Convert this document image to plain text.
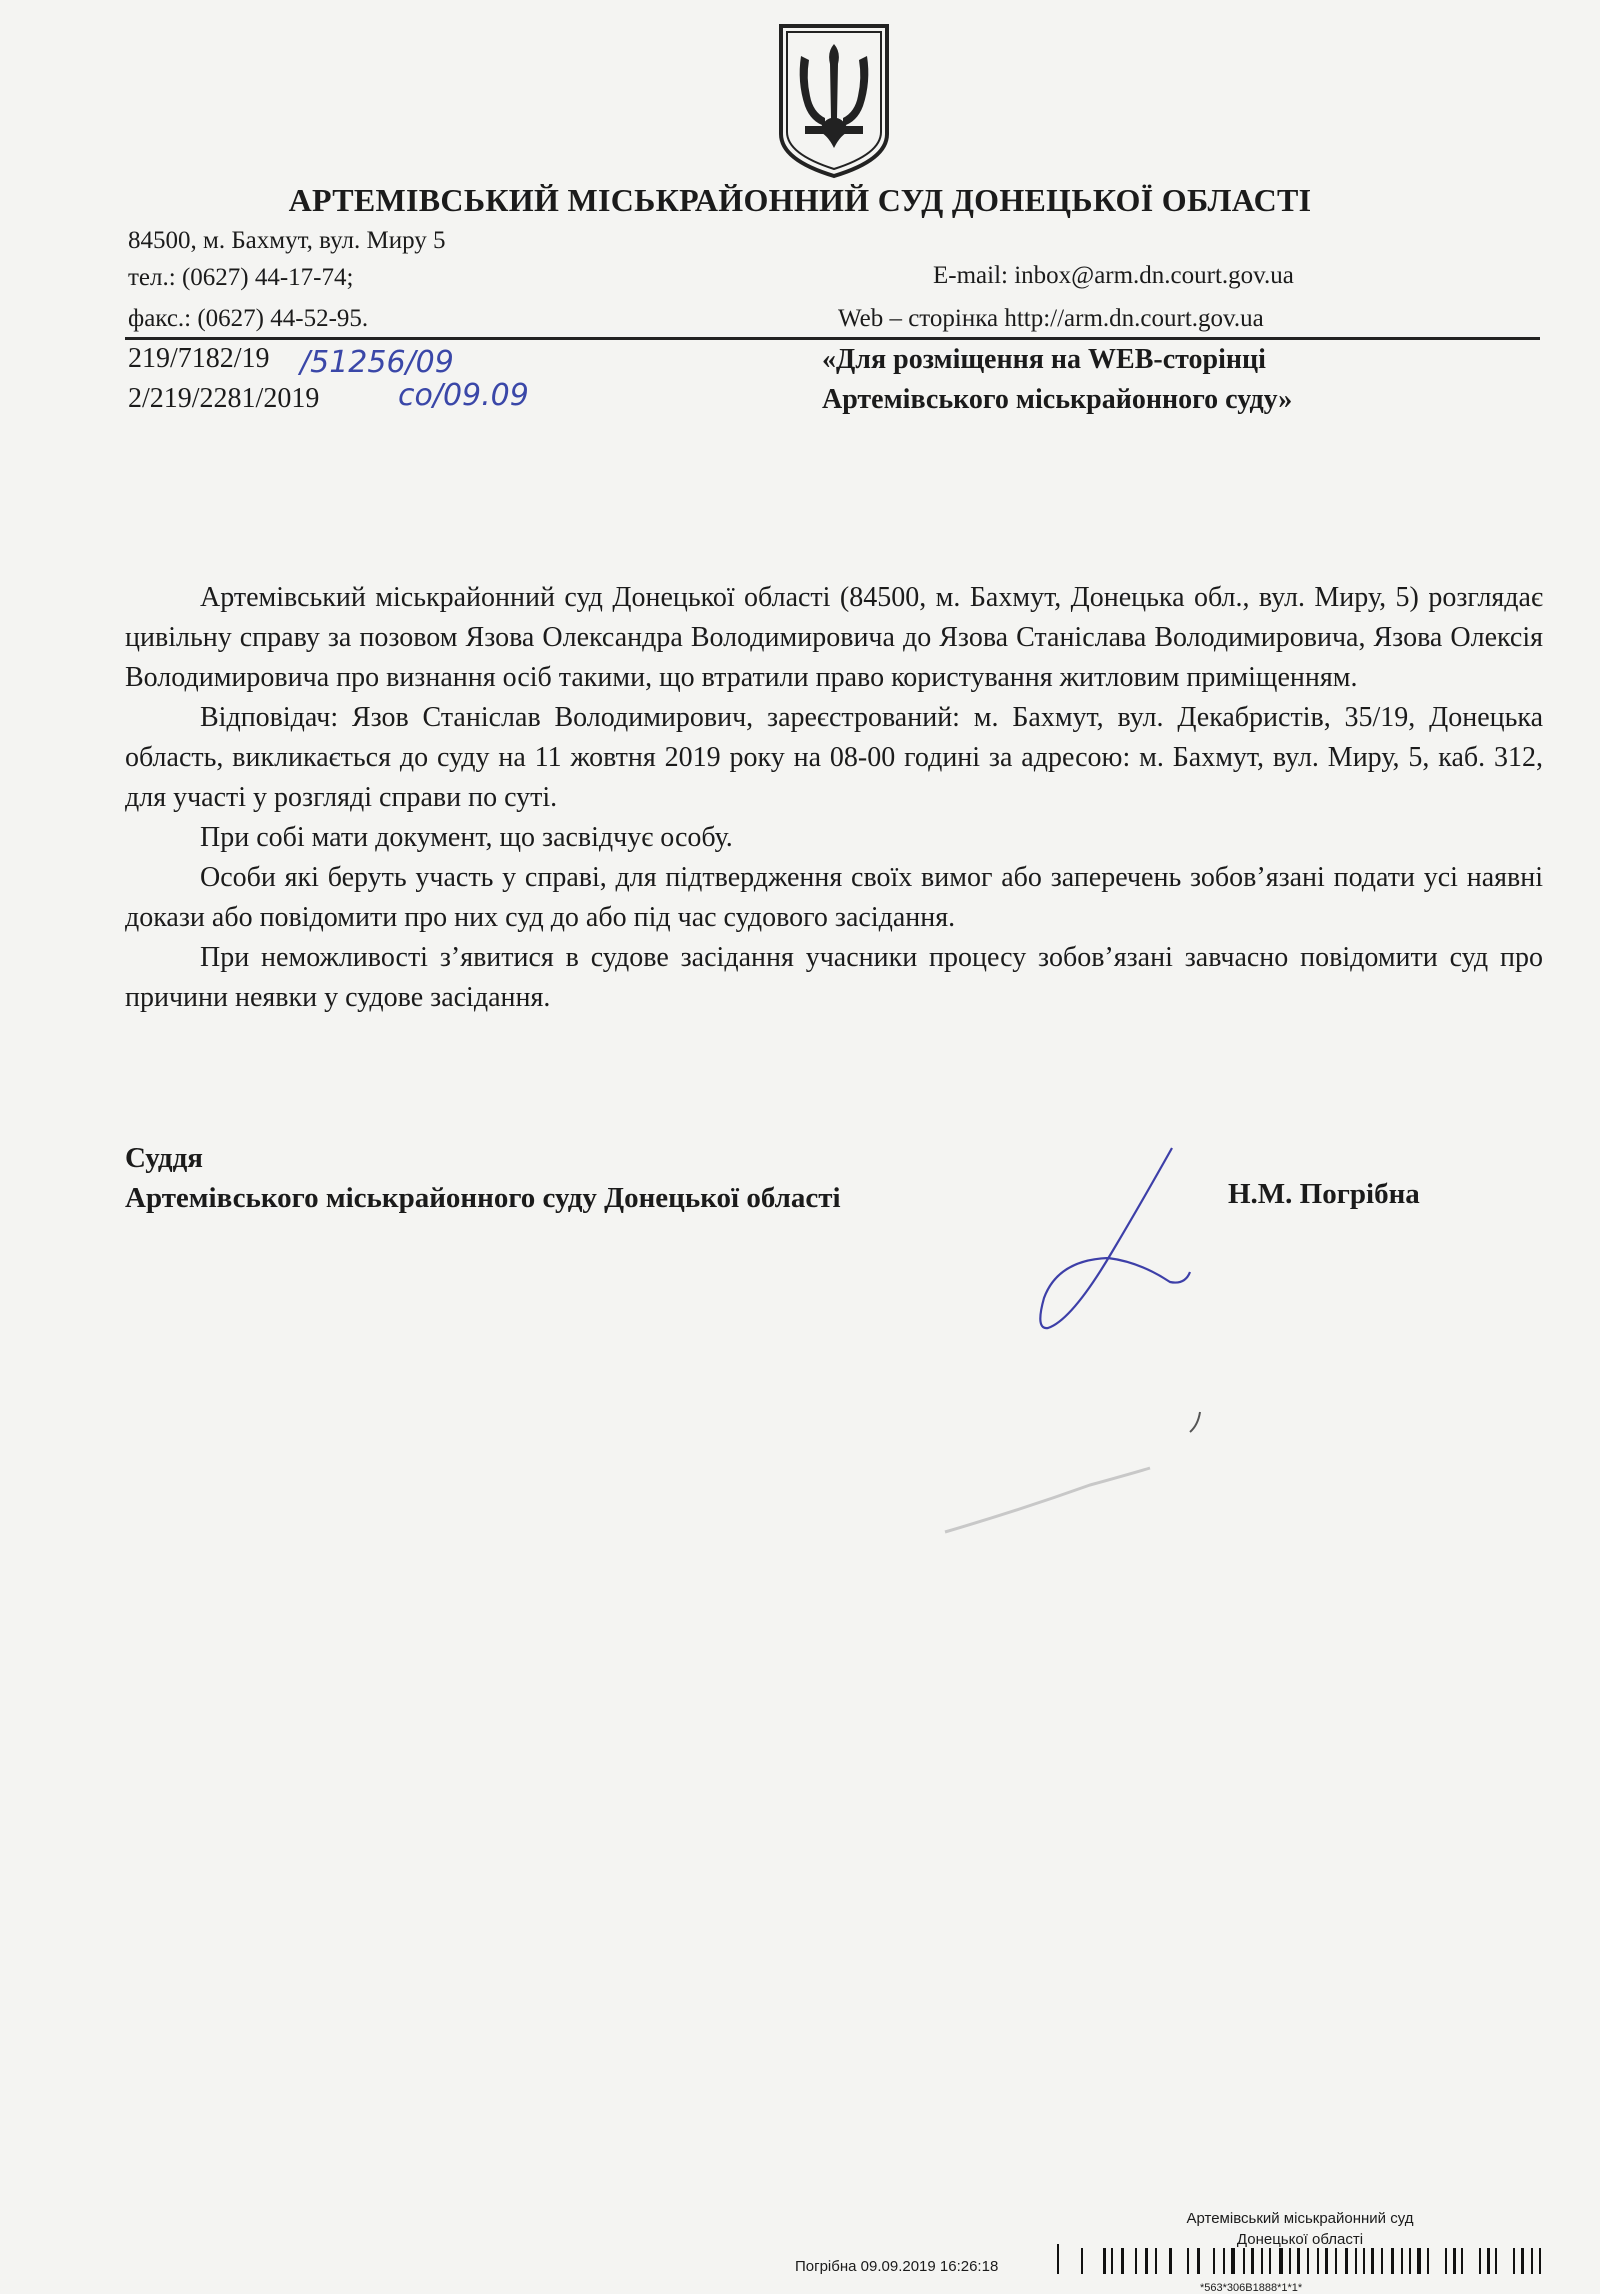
АРТЕМІВСЬКИЙ МІСЬКРАЙОННИЙ СУД ДОНЕЦЬКОЇ ОБЛАСТІ
84500, м. Бахмут, вул. Миру 5
тел.: (0627) 44-17-74;
факс.: (0627) 44-52-95.
E-mail: inbox@arm.dn.court.gov.ua
Web – сторінка http://arm.dn.court.gov.ua
219/7182/19
2/219/2281/2019
/51256/09
со/09.09
«Для розміщення на WEB-сторінці
Артемівського міськрайонного суду»

Артемівський міськрайонний суд Донецької області (84500, м. Бахмут, Донецька обл., вул. Миру, 5) розглядає цивільну справу за позовом Язова Олександра Володимировича до Язова Станіслава Володимировича, Язова Олексія Володимировича про визнання осіб такими, що втратили право користування житловим приміщенням.

Відповідач: Язов Станіслав Володимирович, зареєстрований: м. Бахмут, вул. Декабристів, 35/19, Донецька область, викликається до суду на 11 жовтня 2019 року на 08-00 годині за адресою: м. Бахмут, вул. Миру, 5, каб. 312, для участі у розгляді справи по суті.

При собі мати документ, що засвідчує особу.

Особи які беруть участь у справі, для підтвердження своїх вимог або заперечень зобов’язані подати усі наявні докази або повідомити про них суд до або під час судового засідання.

При неможливості з’явитися в судове засідання учасники процесу зобов’язані завчасно повідомити суд про причини неявки у судове засідання.

Суддя
Артемівського міськрайонного суду Донецької області	Н.М. Погрібна
Артемівський міськрайонний суд
Донецької області
Погрібна 09.09.2019 16:26:18
*563*306B1888*1*1*
